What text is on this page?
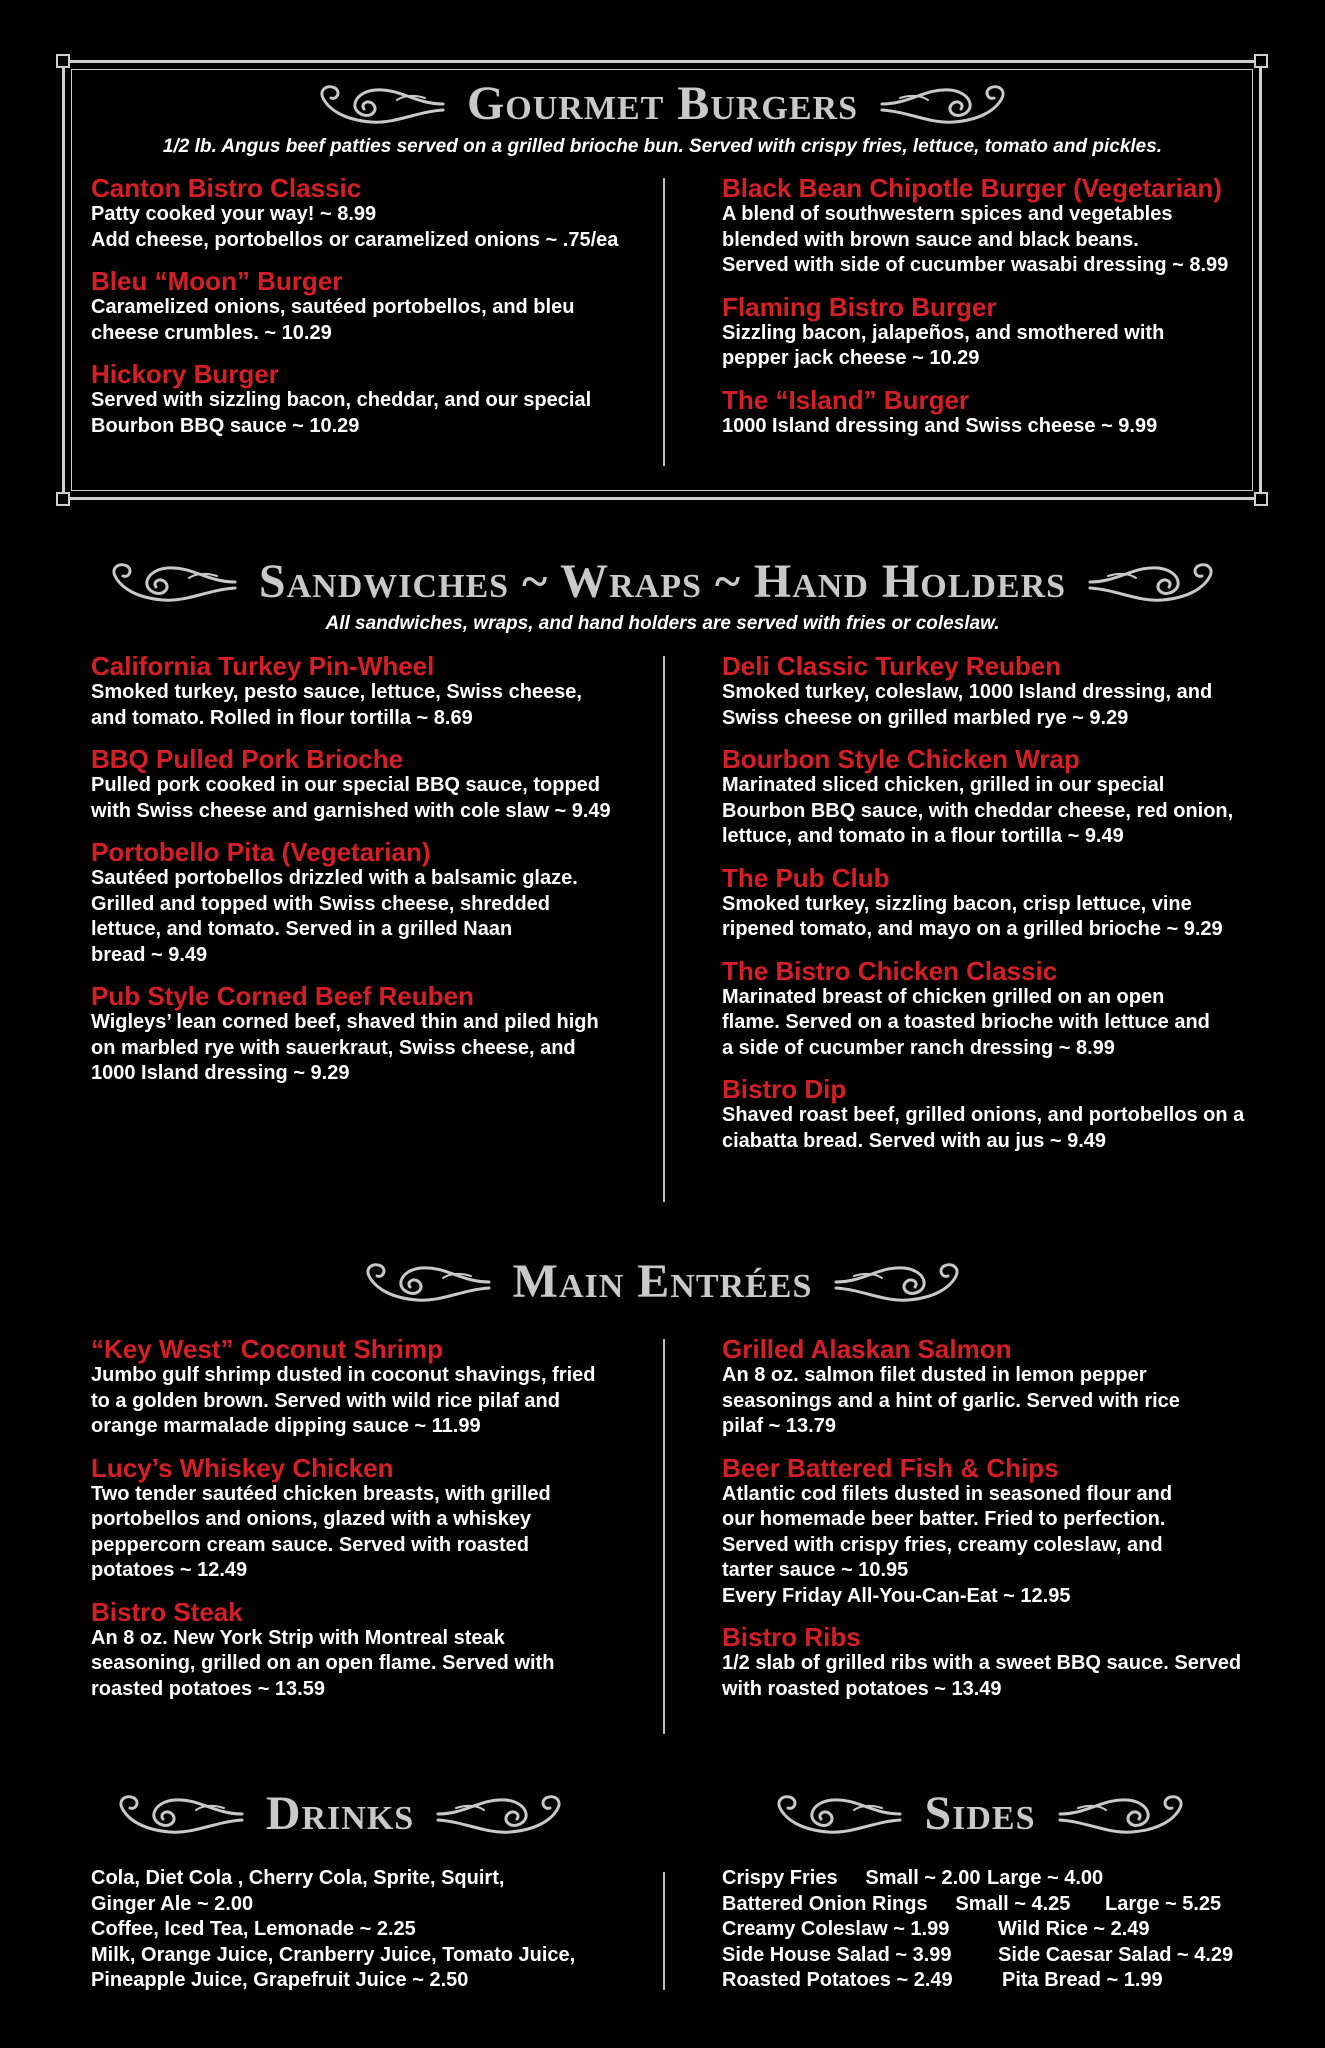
Gourmet Burgers
1/2 lb. Angus beef patties served on a grilled brioche bun. Served with crispy fries, lettuce, tomato and pickles.
Canton Bistro Classic
Patty cooked your way! ~ 8.99
Add cheese, portobellos or caramelized onions ~ .75/ea
Bleu “Moon” Burger
Caramelized onions, sautéed portobellos, and bleu
cheese crumbles. ~ 10.29
Hickory Burger
Served with sizzling bacon, cheddar, and our special
Bourbon BBQ sauce ~ 10.29
Black Bean Chipotle Burger (Vegetarian)
A blend of southwestern spices and vegetables
blended with brown sauce and black beans.
Served with side of cucumber wasabi dressing ~ 8.99
Flaming Bistro Burger
Sizzling bacon, jalapeños, and smothered with
pepper jack cheese ~ 10.29
The “Island” Burger
1000 Island dressing and Swiss cheese ~ 9.99
Sandwiches ~ Wraps ~ Hand Holders
All sandwiches, wraps, and hand holders are served with fries or coleslaw.
California Turkey Pin-Wheel
Smoked turkey, pesto sauce, lettuce, Swiss cheese,
and tomato. Rolled in flour tortilla ~ 8.69
BBQ Pulled Pork Brioche
Pulled pork cooked in our special BBQ sauce, topped
with Swiss cheese and garnished with cole slaw ~ 9.49
Portobello Pita (Vegetarian)
Sautéed portobellos drizzled with a balsamic glaze.
Grilled and topped with Swiss cheese, shredded
lettuce, and tomato. Served in a grilled Naan
bread ~ 9.49
Pub Style Corned Beef Reuben
Wigleys’ lean corned beef, shaved thin and piled high
on marbled rye with sauerkraut, Swiss cheese, and
1000 Island dressing ~ 9.29
Deli Classic Turkey Reuben
Smoked turkey, coleslaw, 1000 Island dressing, and
Swiss cheese on grilled marbled rye ~ 9.29
Bourbon Style Chicken Wrap
Marinated sliced chicken, grilled in our special
Bourbon BBQ sauce, with cheddar cheese, red onion,
lettuce, and tomato in a flour tortilla ~ 9.49
The Pub Club
Smoked turkey, sizzling bacon, crisp lettuce, vine
ripened tomato, and mayo on a grilled brioche ~ 9.29
The Bistro Chicken Classic
Marinated breast of chicken grilled on an open
flame. Served on a toasted brioche with lettuce and
a side of cucumber ranch dressing ~ 8.99
Bistro Dip
Shaved roast beef, grilled onions, and portobellos on a
ciabatta bread. Served with au jus ~ 9.49
Main Entrées
“Key West” Coconut Shrimp
Jumbo gulf shrimp dusted in coconut shavings, fried
to a golden brown. Served with wild rice pilaf and
orange marmalade dipping sauce ~ 11.99
Lucy’s Whiskey Chicken
Two tender sautéed chicken breasts, with grilled
portobellos and onions, glazed with a whiskey
peppercorn cream sauce. Served with roasted
potatoes ~ 12.49
Bistro Steak
An 8 oz. New York Strip with Montreal steak
seasoning, grilled on an open flame. Served with
roasted potatoes ~ 13.59
Grilled Alaskan Salmon
An 8 oz. salmon filet dusted in lemon pepper
seasonings and a hint of garlic. Served with rice
pilaf ~ 13.79
Beer Battered Fish & Chips
Atlantic cod filets dusted in seasoned flour and
our homemade beer batter. Fried to perfection.
Served with crispy fries, creamy coleslaw, and
tarter sauce ~ 10.95
Every Friday All-You-Can-Eat ~ 12.95
Bistro Ribs
1/2 slab of grilled ribs with a sweet BBQ sauce. Served
with roasted potatoes ~ 13.49
Drinks	Sides
Cola, Diet Cola , Cherry Cola, Sprite, Squirt,
Ginger Ale ~ 2.00
Coffee, Iced Tea, Lemonade ~ 2.25
Milk, Orange Juice, Cranberry Juice, Tomato Juice,
Pineapple Juice, Grapefruit Juice ~ 2.50
Crispy Fries     Small ~ 2.00 Large ~ 4.00
Battered Onion Rings     Small ~ 4.25	Large ~ 5.25
Creamy Coleslaw ~ 1.99	Wild Rice ~ 2.49
Side House Salad ~ 3.99	Side Caesar Salad ~ 4.29
Roasted Potatoes ~ 2.49	Pita Bread ~ 1.99
